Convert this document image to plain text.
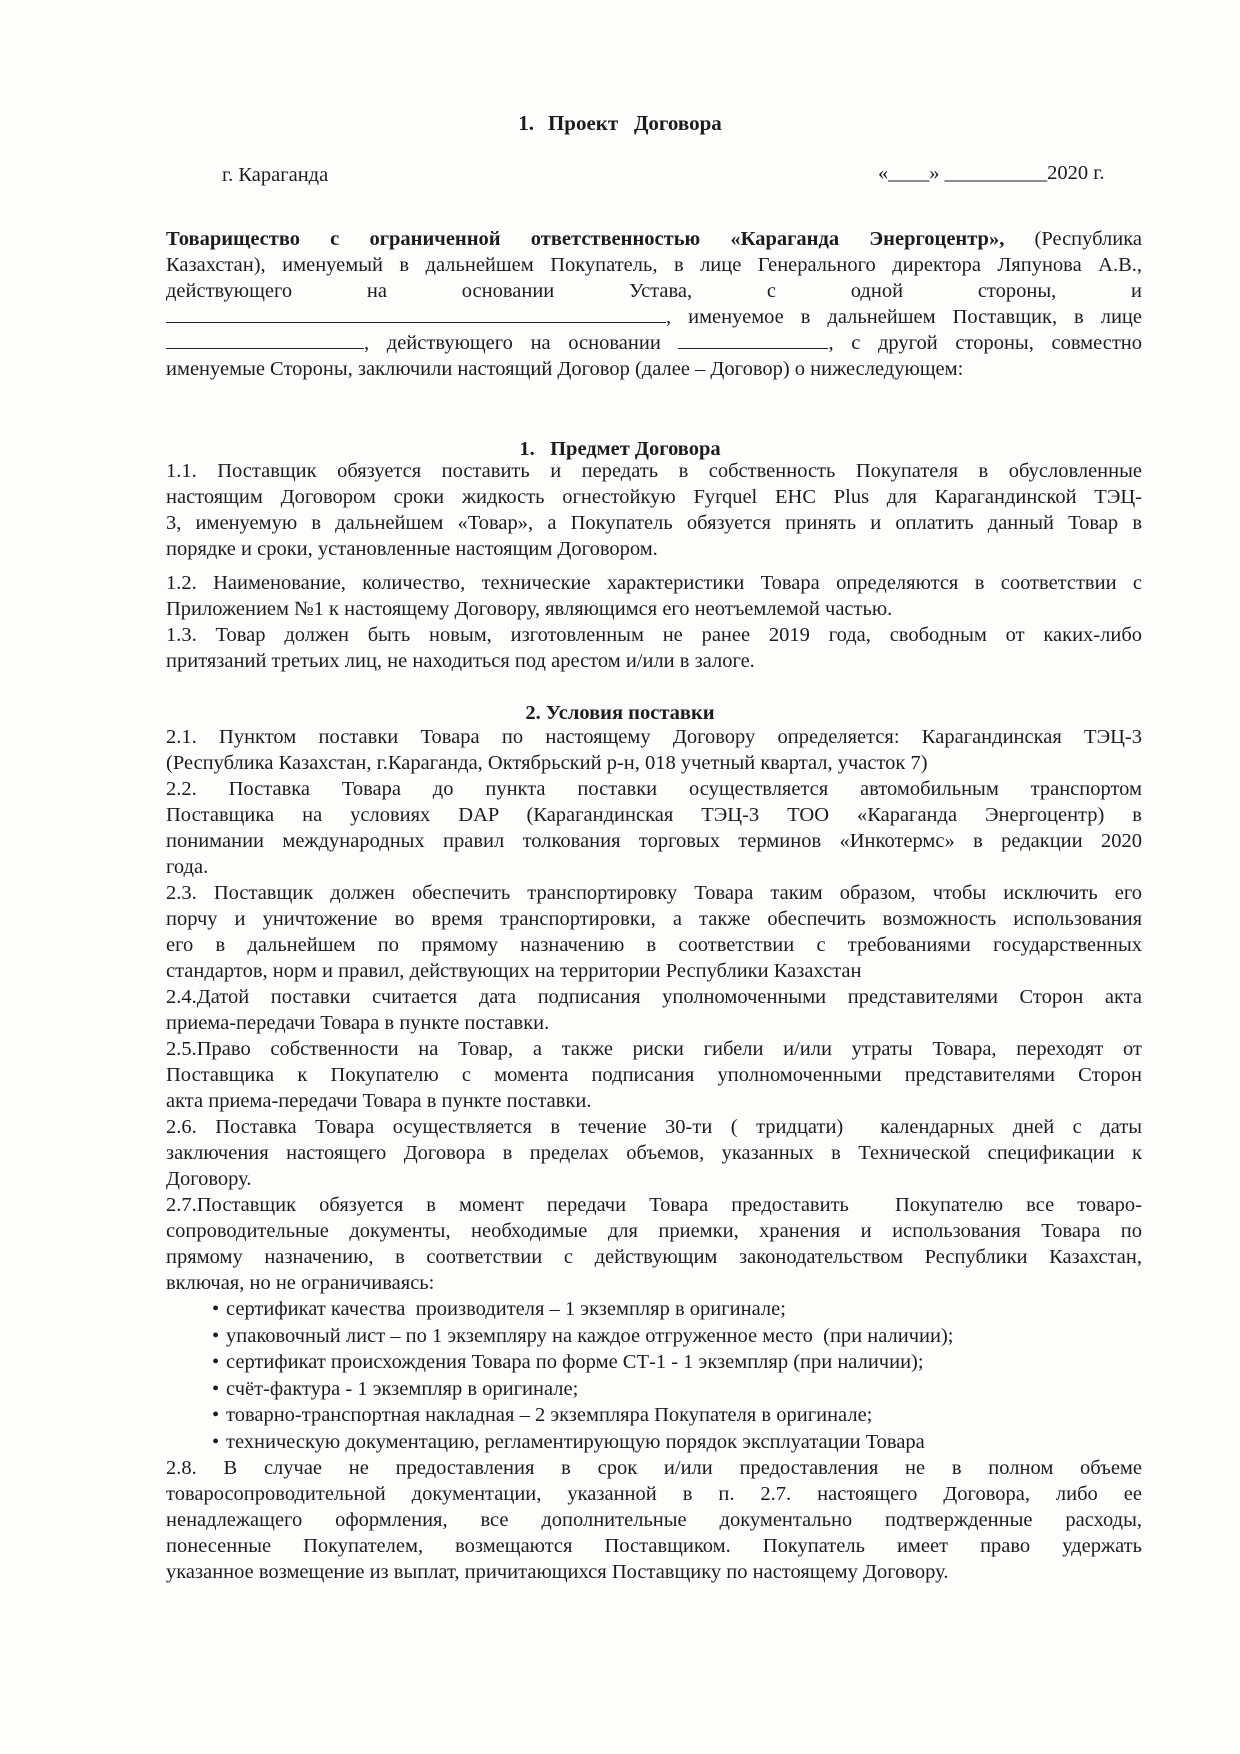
1. Проект   Договора
г. Караганда	«____» __________2020 г.

Товарищество с ограниченной ответственностью «Караганда Энергоцентр», (Республика

Казахстан), именуемый в дальнейшем Покупатель, в лице Генерального директора Ляпунова А.В.,

действующего на основании Устава, с одной стороны, и

, именуемое в дальнейшем Поставщик, в лице

, действующего на основании	, с другой стороны, совместно

именуемые Стороны, заключили настоящий Договор (далее – Договор) о нижеследующем:

1.   Предмет Договора

1.1. Поставщик обязуется поставить и передать в собственность Покупателя в обусловленные

настоящим Договором сроки жидкость огнестойкую Fyrquel EHC Plus для Карагандинской ТЭЦ-

3, именуемую в дальнейшем «Товар», а Покупатель обязуется принять и оплатить данный Товар в

порядке и сроки, установленные настоящим Договором.

1.2. Наименование, количество, технические характеристики Товара определяются в соответствии с

Приложением №1 к настоящему Договору, являющимся его неотъемлемой частью.

1.3. Товар должен быть новым, изготовленным не ранее 2019 года, свободным от каких-либо

притязаний третьих лиц, не находиться под арестом и/или в залоге.

2. Условия поставки

2.1. Пунктом поставки Товара по настоящему Договору определяется: Карагандинская ТЭЦ-3

(Республика Казахстан, г.Караганда, Октябрьский р-н, 018 учетный квартал, участок 7)

2.2. Поставка Товара до пункта поставки осуществляется автомобильным транспортом

Поставщика на условиях DAP (Карагандинская ТЭЦ-3 ТОО «Караганда Энергоцентр) в

понимании международных правил толкования торговых терминов «Инкотермс» в редакции 2020

года.

2.3. Поставщик должен обеспечить транспортировку Товара таким образом, чтобы исключить его

порчу и уничтожение во время транспортировки, а также обеспечить возможность использования

его в дальнейшем по прямому назначению в соответствии с требованиями государственных

стандартов, норм и правил, действующих на территории Республики Казахстан

2.4.Датой поставки считается дата подписания уполномоченными представителями Сторон акта

приема-передачи Товара в пункте поставки.

2.5.Право собственности на Товар, а также риски гибели и/или утраты Товара, переходят от

Поставщика к Покупателю с момента подписания уполномоченными представителями Сторон

акта приема-передачи Товара в пункте поставки.

2.6. Поставка Товара осуществляется в течение 30-ти ( тридцати)  календарных дней с даты

заключения настоящего Договора в пределах объемов, указанных в Технической спецификации к

Договору.

2.7.Поставщик обязуется в момент передачи Товара предоставить  Покупателю все товаро-

сопроводительные документы, необходимые для приемки, хранения и использования Товара по

прямому назначению, в соответствии с действующим законодательством Республики Казахстан,

включая, но не ограничиваясь:

• сертификат качества  производителя – 1 экземпляр в оригинале;
• упаковочный лист – по 1 экземпляру на каждое отгруженное место  (при наличии);
• сертификат происхождения Товара по форме СТ-1 - 1 экземпляр (при наличии);
• счёт-фактура - 1 экземпляр в оригинале;
• товарно-транспортная накладная – 2 экземпляра Покупателя в оригинале;
• техническую документацию, регламентирующую порядок эксплуатации Товара

2.8. В случае не предоставления в срок и/или предоставления не в полном объеме

товаросопроводительной документации, указанной в п. 2.7. настоящего Договора, либо ее

ненадлежащего оформления, все дополнительные документально подтвержденные расходы,

понесенные Покупателем, возмещаются Поставщиком. Покупатель имеет право удержать

указанное возмещение из выплат, причитающихся Поставщику по настоящему Договору.
